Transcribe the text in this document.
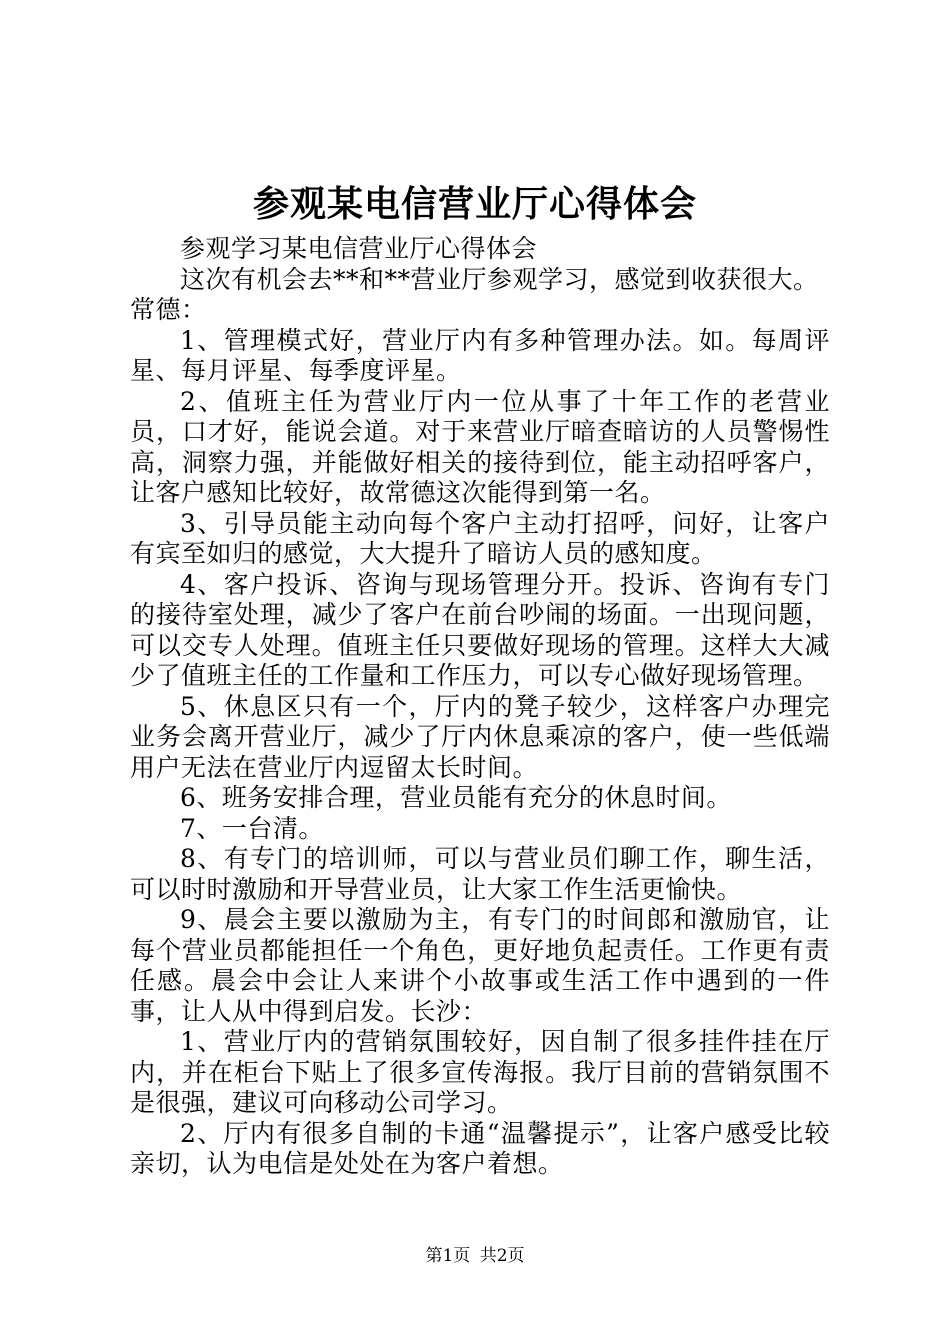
参观某电信营业厅心得体会

参观学习某电信营业厅心得体会

这次有机会去**和**营业厅参观学习，感觉到收获很大。

常德：

1、管理模式好，营业厅内有多种管理办法。如。每周评星、每月评星、每季度评星。

2、值班主任为营业厅内一位从事了十年工作的老营业员，口才好，能说会道。对于来营业厅暗查暗访的人员警惕性高，洞察力强，并能做好相关的接待到位，能主动招呼客户，让客户感知比较好，故常德这次能得到第一名。

3、引导员能主动向每个客户主动打招呼，问好，让客户有宾至如归的感觉，大大提升了暗访人员的感知度。

4、客户投诉、咨询与现场管理分开。投诉、咨询有专门的接待室处理，减少了客户在前台吵闹的场面。一出现问题，可以交专人处理。值班主任只要做好现场的管理。这样大大减少了值班主任的工作量和工作压力，可以专心做好现场管理。

5、休息区只有一个，厅内的凳子较少，这样客户办理完业务会离开营业厅，减少了厅内休息乘凉的客户，使一些低端用户无法在营业厅内逗留太长时间。

6、班务安排合理，营业员能有充分的休息时间。

7、一台清。

8、有专门的培训师，可以与营业员们聊工作，聊生活，可以时时激励和开导营业员，让大家工作生活更愉快。

9、晨会主要以激励为主，有专门的时间郎和激励官，让每个营业员都能担任一个角色，更好地负起责任。工作更有责任感。晨会中会让人来讲个小故事或生活工作中遇到的一件事，让人从中得到启发。长沙：

1、营业厅内的营销氛围较好，因自制了很多挂件挂在厅内，并在柜台下贴上了很多宣传海报。我厅目前的营销氛围不是很强，建议可向移动公司学习。

2、厅内有很多自制的卡通“温馨提示”，让客户感受比较亲切，认为电信是处处在为客户着想。

第1页 共2页
